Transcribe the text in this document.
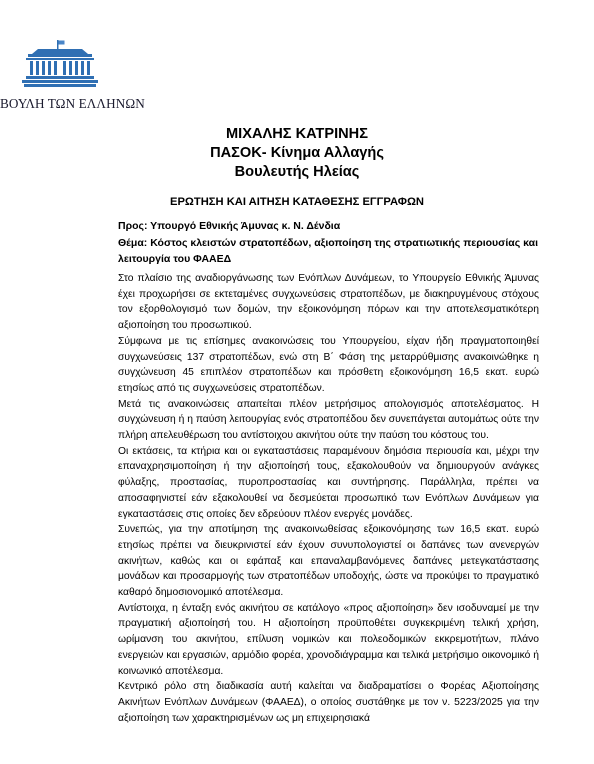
ΒΟΥΛΗ ΤΩΝ ΕΛΛΗΝΩΝ
ΜΙΧΑΛΗΣ ΚΑΤΡΙΝΗΣ
ΠΑΣΟΚ- Κίνημα Αλλαγής
Βουλευτής Ηλείας
ΕΡΩΤΗΣΗ ΚΑΙ ΑΙΤΗΣΗ ΚΑΤΑΘΕΣΗΣ ΕΓΓΡΑΦΩΝ
Προς: Υπουργό Εθνικής Άμυνας κ. Ν. Δένδια
Θέμα: Κόστος κλειστών στρατοπέδων, αξιοποίηση της στρατιωτικής περιουσίας και λειτουργία του ΦΑΑΕΔ

Στο πλαίσιο της αναδιοργάνωσης των Ενόπλων Δυνάμεων, το Υπουργείο Εθνικής Άμυνας έχει προχωρήσει σε εκτεταμένες συγχωνεύσεις στρατοπέδων, με διακηρυγμένους στόχους τον εξορθολογισμό των δομών, την εξοικονόμηση πόρων και την αποτελεσματικότερη αξιοποίηση του προσωπικού.

Σύμφωνα με τις επίσημες ανακοινώσεις του Υπουργείου, είχαν ήδη πραγματοποιηθεί συγχωνεύσεις 137 στρατοπέδων, ενώ στη Β΄ Φάση της μεταρρύθμισης ανακοινώθηκε η συγχώνευση 45 επιπλέον στρατοπέδων και πρόσθετη εξοικονόμηση 16,5 εκατ. ευρώ ετησίως από τις συγχωνεύσεις στρατοπέδων.

Μετά τις ανακοινώσεις απαιτείται πλέον μετρήσιμος απολογισμός αποτελέσματος. Η συγχώνευση ή η παύση λειτουργίας ενός στρατοπέδου δεν συνεπάγεται αυτομάτως ούτε την πλήρη απελευθέρωση του αντίστοιχου ακινήτου ούτε την παύση του κόστους του.

Οι εκτάσεις, τα κτήρια και οι εγκαταστάσεις παραμένουν δημόσια περιουσία και, μέχρι την επαναχρησιμοποίηση ή την αξιοποίησή τους, εξακολουθούν να δημιουργούν ανάγκες φύλαξης, προστασίας, πυροπροστασίας και συντήρησης. Παράλληλα, πρέπει να αποσαφηνιστεί εάν εξακολουθεί να δεσμεύεται προσωπικό των Ενόπλων Δυνάμεων για εγκαταστάσεις στις οποίες δεν εδρεύουν πλέον ενεργές μονάδες.

Συνεπώς, για την αποτίμηση της ανακοινωθείσας εξοικονόμησης των 16,5 εκατ. ευρώ ετησίως πρέπει να διευκρινιστεί εάν έχουν συνυπολογιστεί οι δαπάνες των ανενεργών ακινήτων, καθώς και οι εφάπαξ και επαναλαμβανόμενες δαπάνες μετεγκατάστασης μονάδων και προσαρμογής των στρατοπέδων υποδοχής, ώστε να προκύψει το πραγματικό καθαρό δημοσιονομικό αποτέλεσμα.

Αντίστοιχα, η ένταξη ενός ακινήτου σε κατάλογο «προς αξιοποίηση» δεν ισοδυναμεί με την πραγματική αξιοποίησή του. Η αξιοποίηση προϋποθέτει συγκεκριμένη τελική χρήση, ωρίμανση του ακινήτου, επίλυση νομικών και πολεοδομικών εκκρεμοτήτων, πλάνο ενεργειών και εργασιών, αρμόδιο φορέα, χρονοδιάγραμμα και τελικά μετρήσιμο οικονομικό ή κοινωνικό αποτέλεσμα.

Κεντρικό ρόλο στη διαδικασία αυτή καλείται να διαδραματίσει ο Φορέας Αξιοποίησης Ακινήτων Ενόπλων Δυνάμεων (ΦΑΑΕΔ), ο οποίος συστάθηκε με τον ν. 5223/2025 για την αξιοποίηση των χαρακτηρισμένων ως μη επιχειρησιακά
